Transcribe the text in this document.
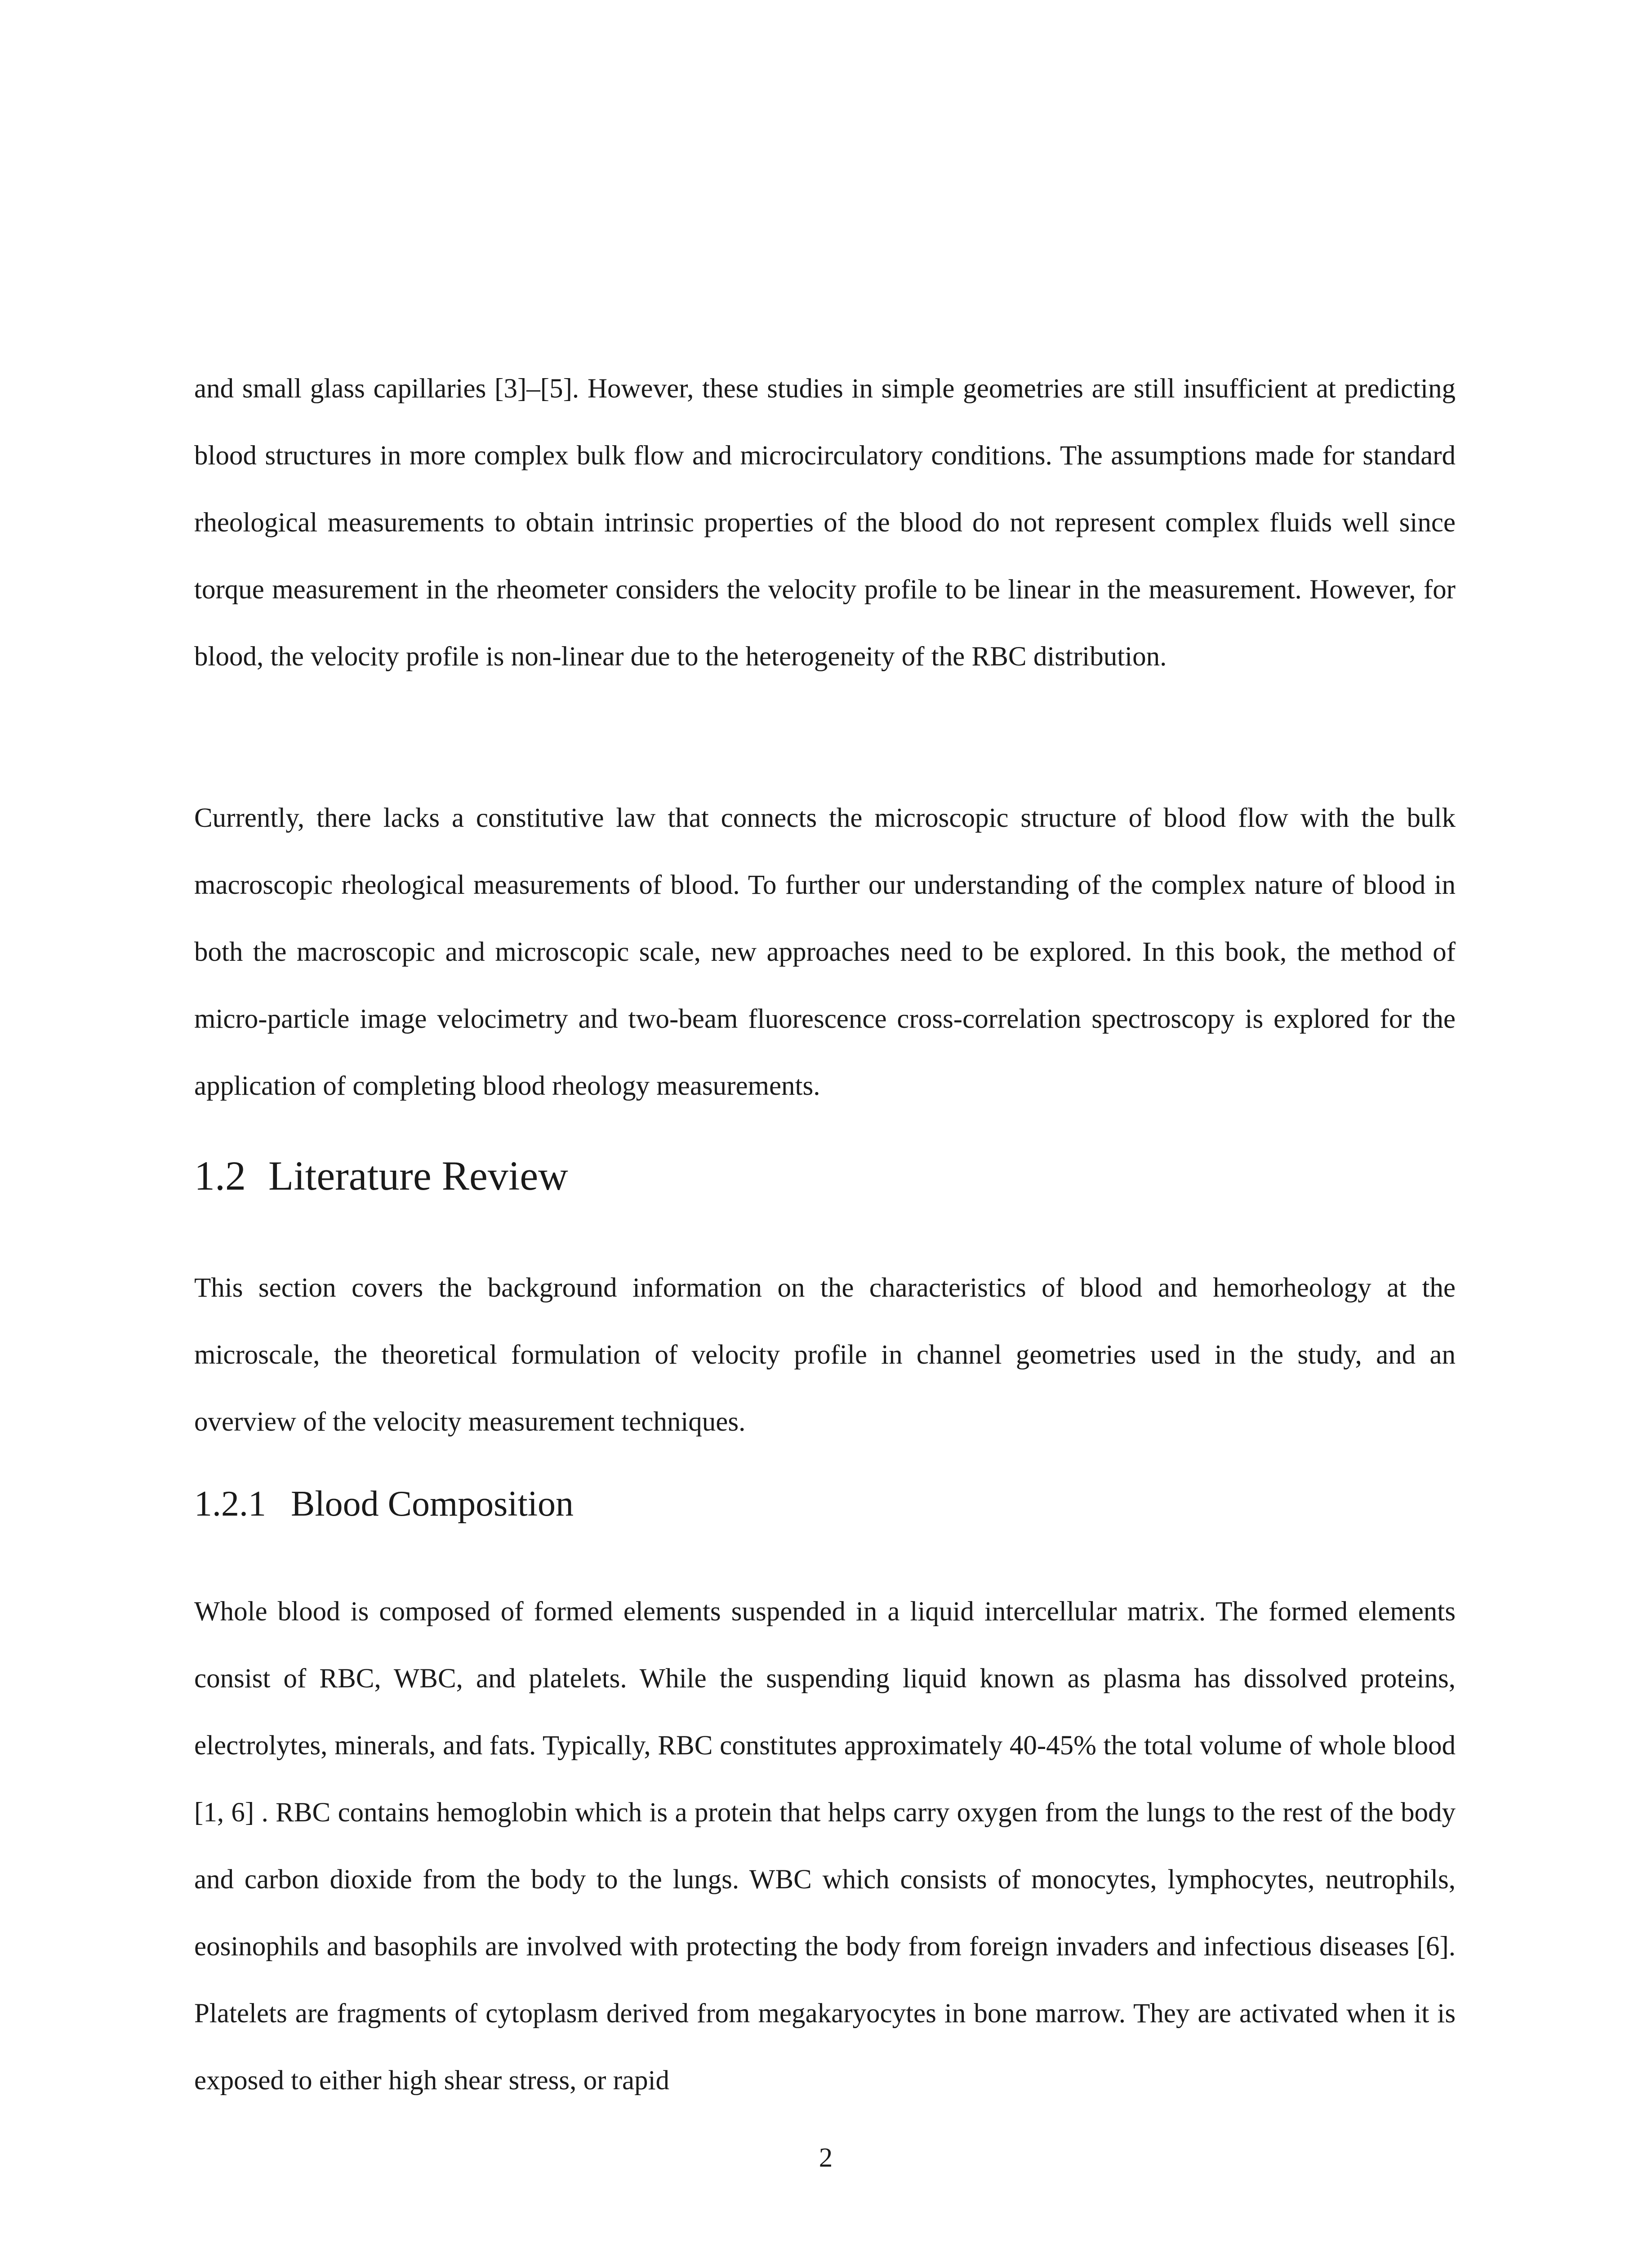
and small glass capillaries [3]–[5]. However, these studies in simple geometries are still insufficient at predicting blood structures in more complex bulk flow and microcirculatory conditions. The assumptions made for standard rheological measurements to obtain intrinsic properties of the blood do not represent complex fluids well since torque measurement in the rheometer considers the velocity profile to be linear in the measurement. However, for blood, the velocity profile is non-linear due to the heterogeneity of the RBC distribution.

Currently, there lacks a constitutive law that connects the microscopic structure of blood flow with the bulk macroscopic rheological measurements of blood. To further our understanding of the complex nature of blood in both the macroscopic and microscopic scale, new approaches need to be explored. In this book, the method of micro-particle image velocimetry and two-beam fluorescence cross-correlation spectroscopy is explored for the application of completing blood rheology measurements.

1.2 Literature Review

This section covers the background information on the characteristics of blood and hemorheology at the microscale, the theoretical formulation of velocity profile in channel geometries used in the study, and an overview of the velocity measurement techniques.

1.2.1 Blood Composition

Whole blood is composed of formed elements suspended in a liquid intercellular matrix. The formed elements consist of RBC, WBC, and platelets. While the suspending liquid known as plasma has dissolved proteins, electrolytes, minerals, and fats. Typically, RBC constitutes approximately 40-45% the total volume of whole blood [1, 6] . RBC contains hemoglobin which is a protein that helps carry oxygen from the lungs to the rest of the body and carbon dioxide from the body to the lungs. WBC which consists of monocytes, lymphocytes, neutrophils, eosinophils and basophils are involved with protecting the body from foreign invaders and infectious diseases [6]. Platelets are fragments of cytoplasm derived from megakaryocytes in bone marrow. They are activated when it is exposed to either high shear stress, or rapid

2
